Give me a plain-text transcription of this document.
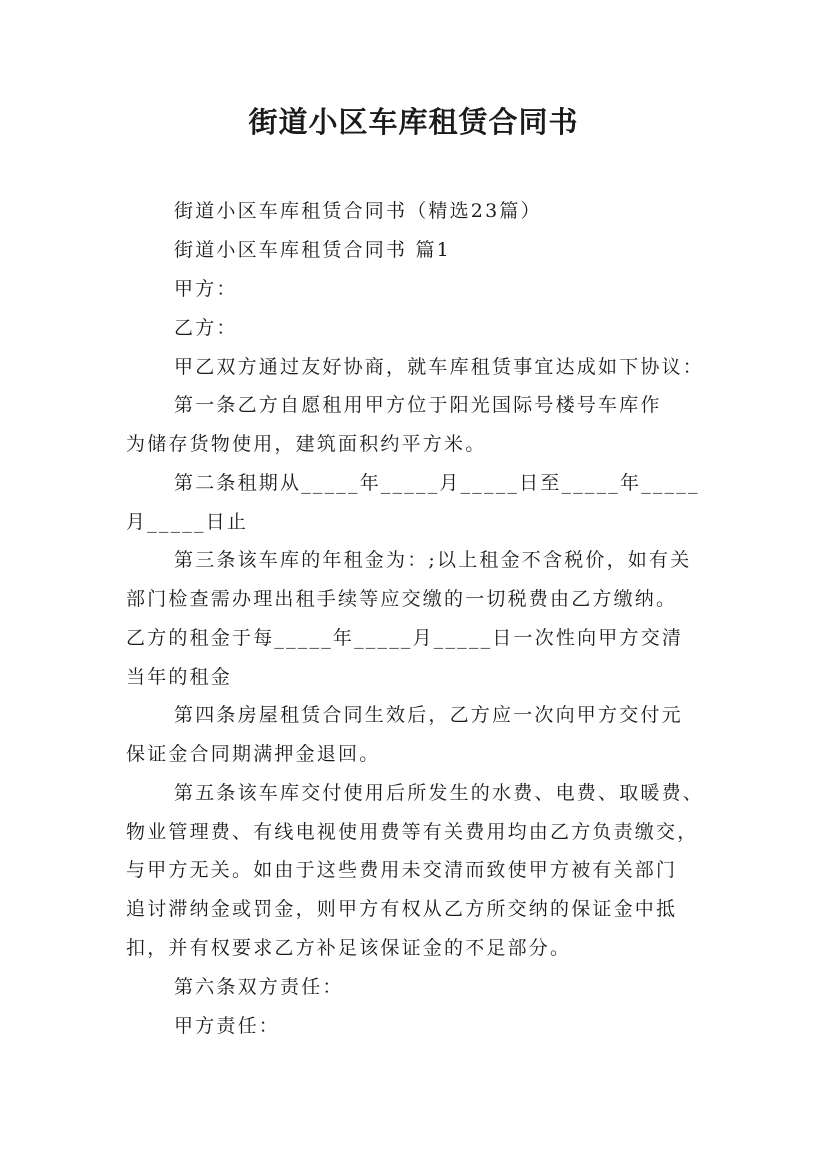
街道小区车库租赁合同书
街道小区车库租赁合同书（精选23篇）
街道小区车库租赁合同书 篇1
甲方：
乙方：
甲乙双方通过友好协商，就车库租赁事宜达成如下协议：
第一条乙方自愿租用甲方位于阳光国际号楼号车库作
为储存货物使用，建筑面积约平方米。
第二条租期从_____年_____月_____日至_____年_____
月_____日止
第三条该车库的年租金为：;以上租金不含税价，如有关
部门检查需办理出租手续等应交缴的一切税费由乙方缴纳。
乙方的租金于每_____年_____月_____日一次性向甲方交清
当年的租金
第四条房屋租赁合同生效后，乙方应一次向甲方交付元
保证金合同期满押金退回。
第五条该车库交付使用后所发生的水费、电费、取暖费、
物业管理费、有线电视使用费等有关费用均由乙方负责缴交，
与甲方无关。如由于这些费用未交清而致使甲方被有关部门
追讨滞纳金或罚金，则甲方有权从乙方所交纳的保证金中抵
扣，并有权要求乙方补足该保证金的不足部分。
第六条双方责任：
甲方责任：
